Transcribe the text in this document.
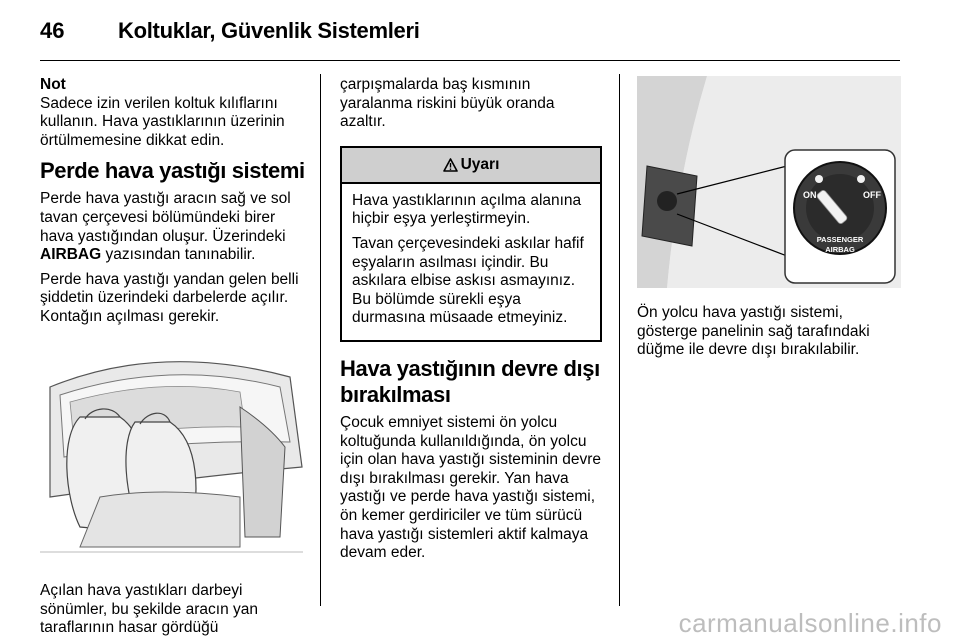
46 Koltuklar, Güvenlik Sistemleri
Not

Sadece izin verilen koltuk kılıflarını kullanın. Hava yastıklarının üzerinin örtülmemesine dikkat edin.

Perde hava yastığı sistemi

Perde hava yastığı aracın sağ ve sol tavan çerçevesi bölümündeki birer hava yastığından oluşur. Üzerindeki AIRBAG yazısından tanınabilir.

Perde hava yastığı yandan gelen belli şiddetin üzerindeki darbelerde açılır. Kontağın açılması gerekir.

Açılan hava yastıkları darbeyi sönümler, bu şekilde aracın yan taraflarının hasar gördüğü

çarpışmalarda baş kısmının yaralanma riskini büyük oranda azaltır.

Uyarı

Hava yastıklarının açılma alanına hiçbir eşya yerleştirmeyin.

Tavan çerçevesindeki askılar hafif eşyaların asılması içindir. Bu askılara elbise askısı asmayınız. Bu bölümde sürekli eşya durmasına müsaade etmeyiniz.

Hava yastığının devre dışı bırakılması

Çocuk emniyet sistemi ön yolcu koltuğunda kullanıldığında, ön yolcu için olan hava yastığı sisteminin devre dışı bırakılması gerekir. Yan hava yastığı ve perde hava yastığı sistemi, ön kemer gerdiriciler ve tüm sürücü hava yastığı sistemleri aktif kalmaya devam eder.

ON	OFF
PASSENGER
AIRBAG

Ön yolcu hava yastığı sistemi, gösterge panelinin sağ tarafındaki düğme ile devre dışı bırakılabilir.

carmanualsonline.info
